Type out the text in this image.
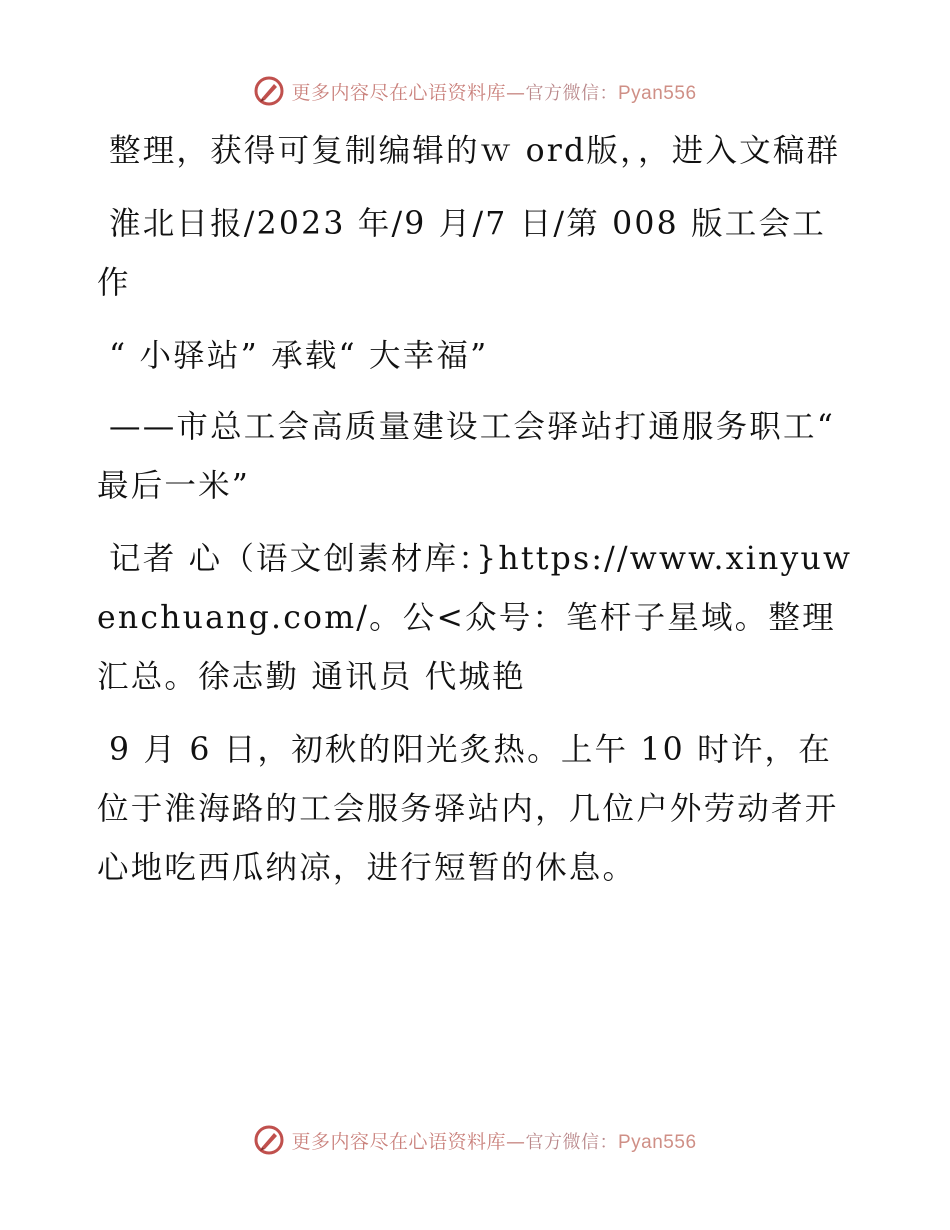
更多内容尽在心语资料库—官方微信：Pyan556

整理，获得可复制编辑的ｗ ord版，，进入文稿群

淮北日报/2023 年/9 月/7 日/第 008 版工会工作

“ 小驿站” 承载“ 大幸福”

——市总工会高质量建设工会驿站打通服务职工“ 最后一米”

记者 心（语文创素材库：}https://www.xinyuwenchuang.com/。公<众号：笔杆子星域。整理汇总。徐志勤 通讯员 代城艳

9 月 6 日，初秋的阳光炙热。上午 10 时许，在位于淮海路的工会服务驿站内，几位户外劳动者开心地吃西瓜纳凉，进行短暂的休息。

更多内容尽在心语资料库—官方微信：Pyan556
